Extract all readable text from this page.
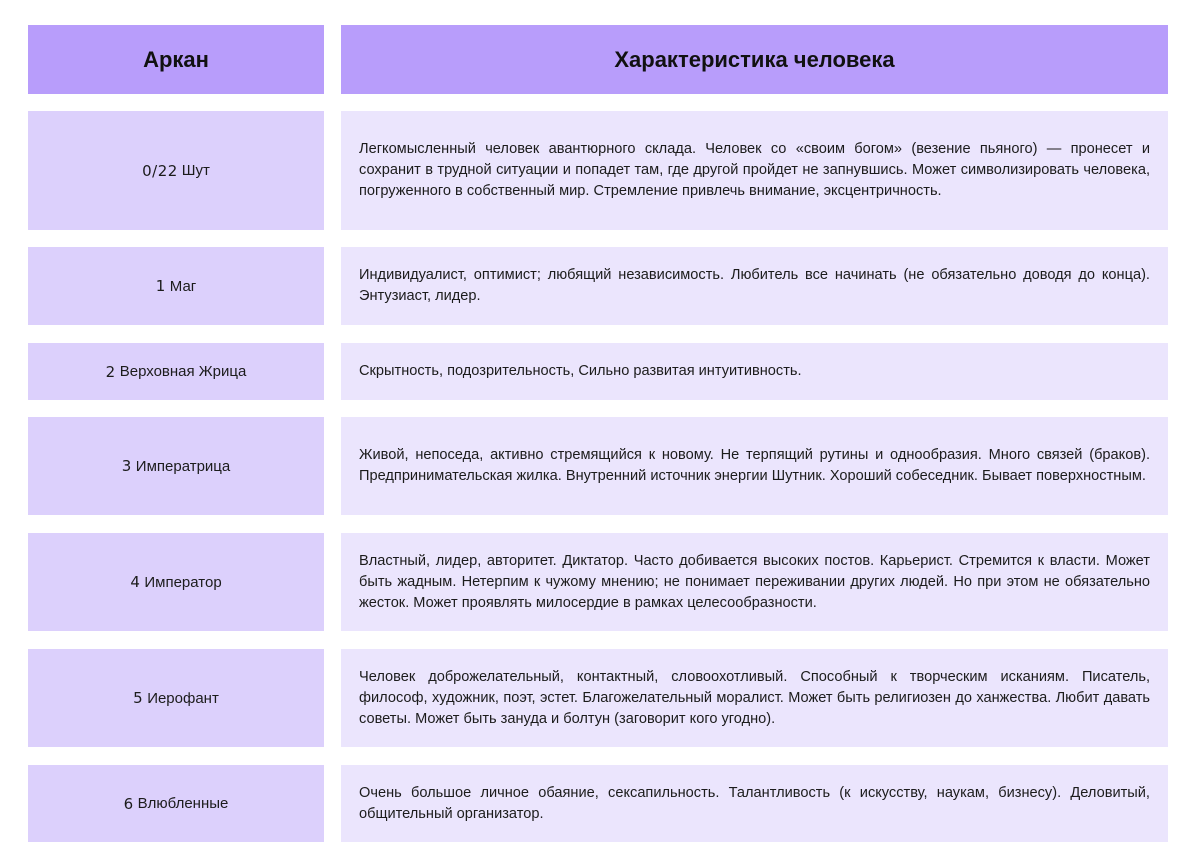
Аркан	Характеристика человека
0/22 Шут
Легкомысленный человек авантюрного склада. Человек со «своим богом» (везение пьяного) — пронесет и сохранит в трудной ситуации и попадет там, где другой пройдет не запнувшись. Может символизировать человека, погруженного в собственный мир. Стремление привлечь внимание, эксцентричность.
1 Маг
Индивидуалист, оптимист; любящий независимость. Любитель все начинать (не обязательно доводя до конца). Энтузиаст, лидер.
2 Верховная Жрица	Скрытность, подозрительность, Сильно развитая интуитивность.
3 Императрица
Живой, непоседа, активно стремящийся к новому. Не терпящий рутины и однообразия. Много связей (браков). Предпринимательская жилка. Внутренний источник энергии Шутник. Хороший собеседник. Бывает поверхностным.
4 Император
Властный, лидер, авторитет. Диктатор. Часто добивается высоких постов. Карьерист. Стремится к власти. Может быть жадным. Нетерпим к чужому мнению; не понимает переживании других людей. Но при этом не обязательно жесток. Может проявлять милосердие в рамках целесообразности.
5 Иерофант
Человек доброжелательный, контактный, словоохотливый. Способный к творческим исканиям. Писатель, философ, художник, поэт, эстет. Благожелательный моралист. Может быть религиозен до ханжества. Любит давать советы. Может быть зануда и болтун (заговорит кого угодно).
6 Влюбленные
Очень большое личное обаяние, сексапильность. Талантливость (к искусству, наукам, бизнесу). Деловитый, общительный организатор.
